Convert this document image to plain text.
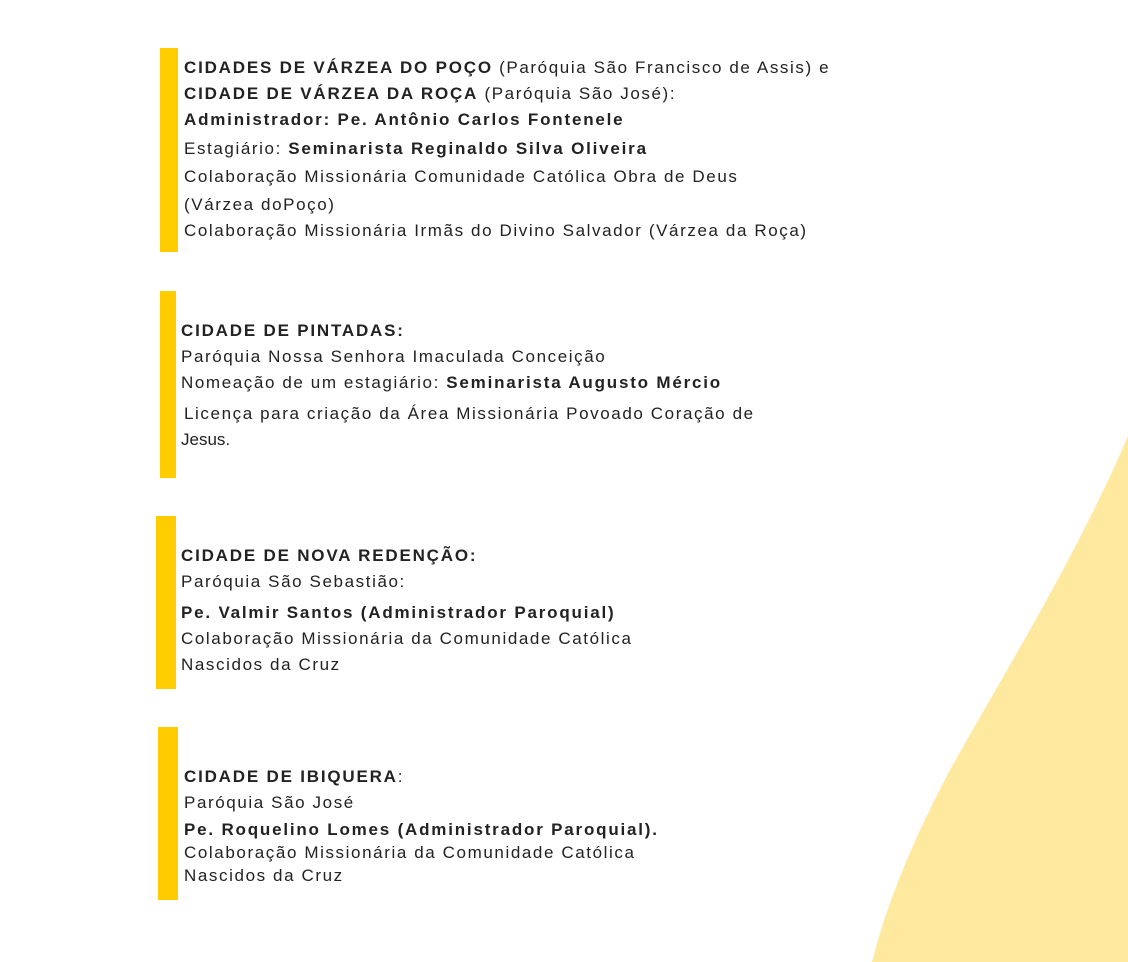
CIDADES DE VÁRZEA DO POÇO (Paróquia São Francisco de Assis) e
CIDADE DE VÁRZEA DA ROÇA (Paróquia São José):
Administrador: Pe. Antônio Carlos Fontenele
Estagiário: Seminarista Reginaldo Silva Oliveira
Colaboração Missionária Comunidade Católica Obra de Deus
(Várzea doPoço)
Colaboração Missionária Irmãs do Divino Salvador (Várzea da Roça)
CIDADE DE PINTADAS:
Paróquia Nossa Senhora Imaculada Conceição
Nomeação de um estagiário: Seminarista Augusto Mércio
Licença para criação da Área Missionária Povoado Coração de
Jesus.
CIDADE DE NOVA REDENÇÃO:
Paróquia São Sebastião:
Pe. Valmir Santos (Administrador Paroquial)
Colaboração Missionária da Comunidade Católica
Nascidos da Cruz
CIDADE DE IBIQUERA:
Paróquia São José
Pe. Roquelino Lomes (Administrador Paroquial).
Colaboração Missionária da Comunidade Católica
Nascidos da Cruz
